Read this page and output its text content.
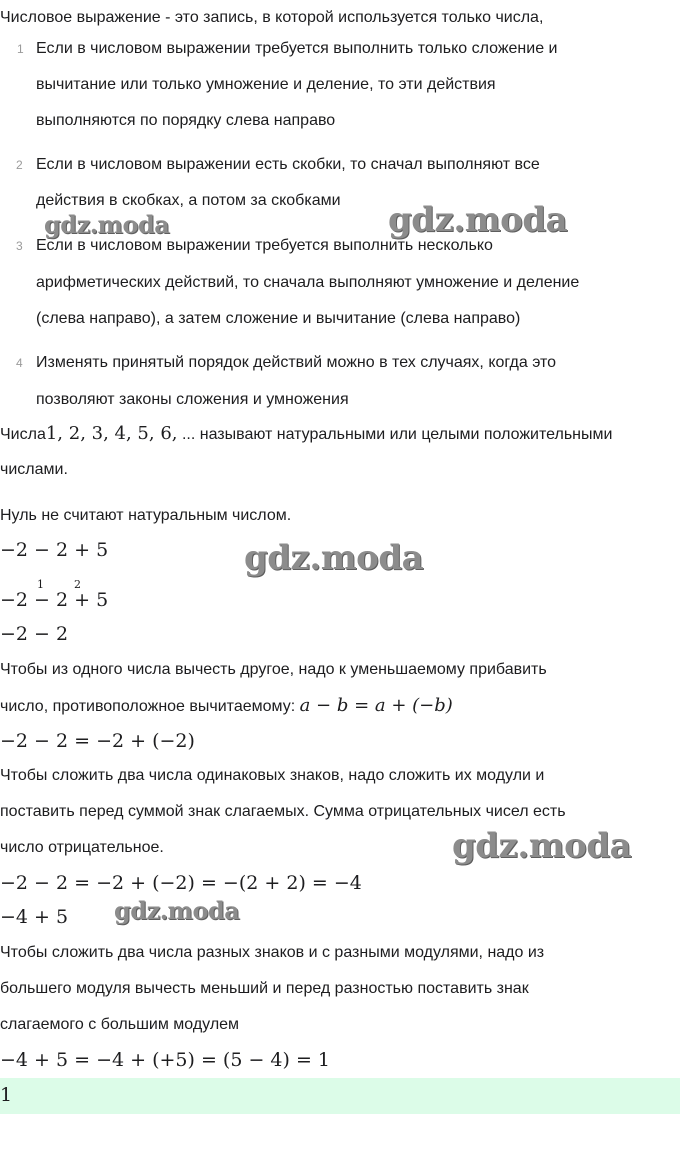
Числовое выражение - это запись, в которой используется только числа,
1 Если в числовом выражении требуется выполнить только сложение и
вычитание или только умножение и деление, то эти действия
выполняются по порядку слева направо
2 Если в числовом выражении есть скобки, то сначал выполняют все
действия в скобках, а потом за скобками
3 Если в числовом выражении требуется выполнить несколько
арифметических действий, то сначала выполняют умножение и деление
(слева направо), а затем сложение и вычитание (слева направо)
4 Изменять принятый порядок действий можно в тех случаях, когда это
позволяют законы сложения и умножения
Числа1, 2, 3, 4, 5, 6, ... называют натуральными или целыми положительными
числами.
Нуль не считают натуральным числом.
−2 − 2 + 5
−2 − 2 + 5
1	2
−2 − 2
Чтобы из одного числа вычесть другое, надо к уменьшаемому прибавить
число, противоположное вычитаемому: a − b = a + (−b)
−2 − 2 = −2 + (−2)
Чтобы сложить два числа одинаковых знаков, надо сложить их модули и
поставить перед суммой знак слагаемых. Сумма отрицательных чисел есть
число отрицательное.
−2 − 2 = −2 + (−2) = −(2 + 2) = −4
−4 + 5
Чтобы сложить два числа разных знаков и с разными модулями, надо из
большего модуля вычесть меньший и перед разностью поставить знак
слагаемого с большим модулем
−4 + 5 = −4 + (+5) = (5 − 4) = 1
1
gdz.moda	gdz.moda
gdz.moda
gdz.moda
gdz.moda
